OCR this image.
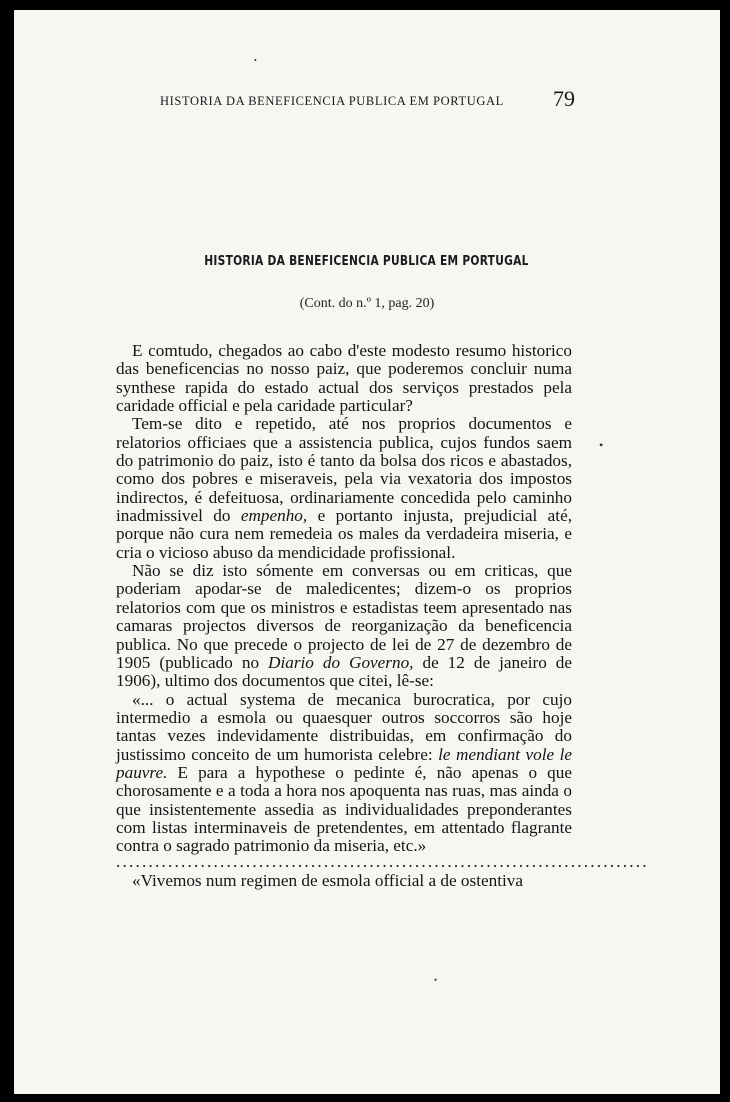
HISTORIA DA BENEFICENCIA PUBLICA EM PORTUGAL 79
HISTORIA DA BENEFICENCIA PUBLICA EM PORTUGAL
(Cont. do n.º 1, pag. 20)

E comtudo, chegados ao cabo d'este modesto resumo historico das beneficencias no nosso paiz, que poderemos concluir numa synthese rapida do estado actual dos serviços prestados pela caridade official e pela caridade particular?

Tem-se dito e repetido, até nos proprios documentos e relatorios officiaes que a assistencia publica, cujos fundos saem do patrimonio do paiz, isto é tanto da bolsa dos ricos e abastados, como dos pobres e miseraveis, pela via vexatoria dos impostos indirectos, é defeituosa, ordinariamente concedida pelo caminho inadmissivel do empenho, e portanto injusta, prejudicial até, porque não cura nem remedeia os males da verdadeira miseria, e cria o vicioso abuso da mendicidade profissional.

Não se diz isto sómente em conversas ou em criticas, que poderiam apodar-se de maledicentes; dizem-o os proprios relatorios com que os ministros e estadistas teem apresentado nas camaras projectos diversos de reorganização da beneficencia publica. No que precede o projecto de lei de 27 de dezembro de 1905 (publicado no Diario do Governo, de 12 de janeiro de 1906), ultimo dos documentos que citei, lê-se:

«... o actual systema de mecanica burocratica, por cujo intermedio a esmola ou quaesquer outros soccorros são hoje tantas vezes indevidamente distribuidas, em confirmação do justissimo conceito de um humorista celebre: le mendiant vole le pauvre. E para a hypothese o pedinte é, não apenas o que chorosamente e a toda a hora nos apoquenta nas ruas, mas ainda o que insistentemente assedia as individualidades preponderantes com listas interminaveis de pretendentes, em attentado flagrante contra o sagrado patrimonio da miseria, etc.»

..................................................................................

«Vivemos num regimen de esmola official a de ostentiva

•
•
•
